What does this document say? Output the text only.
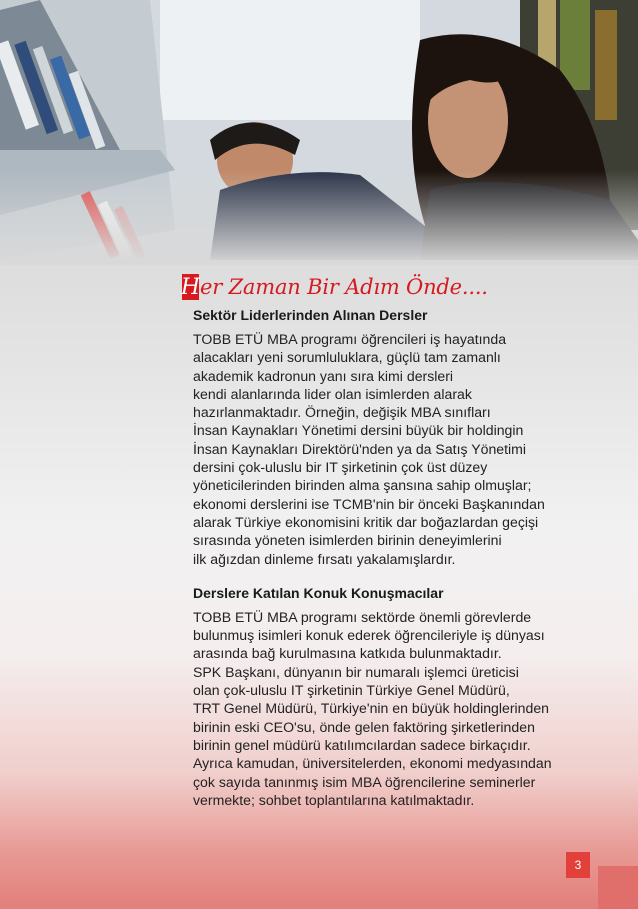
H er Zaman Bir Adım Önde....
Sektör Liderlerinden Alınan Dersler

TOBB ETÜ MBA programı öğrencileri iş hayatında
alacakları yeni sorumluluklara, güçlü tam zamanlı
akademik kadronun yanı sıra kimi dersleri
kendi alanlarında lider olan isimlerden alarak
hazırlanmaktadır. Örneğin, değişik MBA sınıfları
İnsan Kaynakları Yönetimi dersini büyük bir holdingin
İnsan Kaynakları Direktörü'nden ya da Satış Yönetimi
dersini çok-uluslu bir IT şirketinin çok üst düzey
yöneticilerinden birinden alma şansına sahip olmuşlar;
ekonomi derslerini ise TCMB'nin bir önceki Başkanından
alarak Türkiye ekonomisini kritik dar boğazlardan geçişi
sırasında yöneten isimlerden birinin deneyimlerini
ilk ağızdan dinleme fırsatı yakalamışlardır.

Derslere Katılan Konuk Konuşmacılar

TOBB ETÜ MBA programı sektörde önemli görevlerde
bulunmuş isimleri konuk ederek öğrencileriyle iş dünyası
arasında bağ kurulmasına katkıda bulunmaktadır.
SPK Başkanı, dünyanın bir numaralı işlemci üreticisi
olan çok-uluslu IT şirketinin Türkiye Genel Müdürü,
TRT Genel Müdürü, Türkiye'nin en büyük holdinglerinden
birinin eski CEO'su, önde gelen faktöring şirketlerinden
birinin genel müdürü katılımcılardan sadece birkaçıdır.
Ayrıca kamudan, üniversitelerden, ekonomi medyasından
çok sayıda tanınmış isim MBA öğrencilerine seminerler
vermekte; sohbet toplantılarına katılmaktadır.

3
